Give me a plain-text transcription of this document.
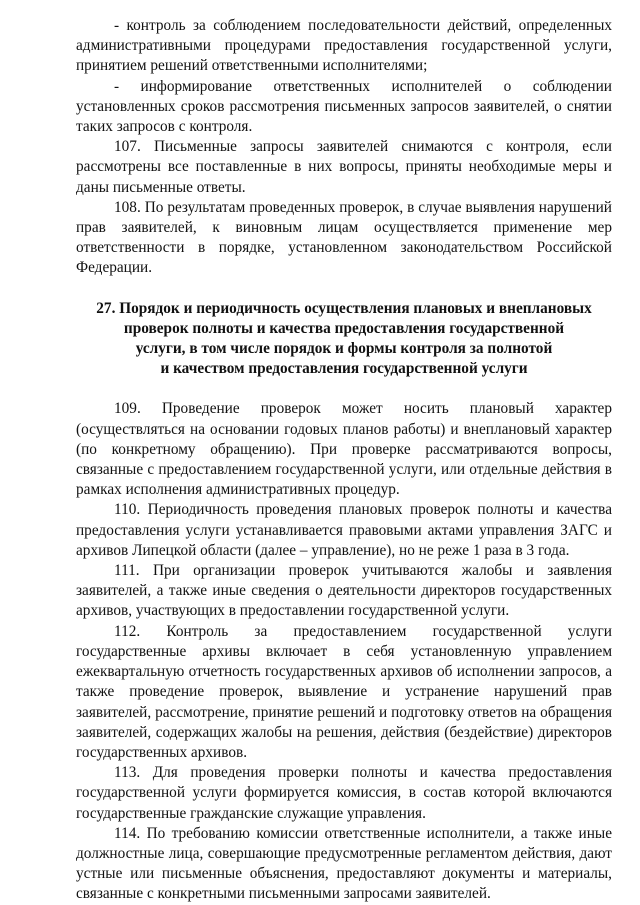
- контроль за соблюдением последовательности действий, определенных административными процедурами предоставления государственной услуги, принятием решений ответственными исполнителями;

- информирование ответственных исполнителей о соблюдении установленных сроков рассмотрения письменных запросов заявителей, о снятии таких запросов с контроля.

107. Письменные запросы заявителей снимаются с контроля, если рассмотрены все поставленные в них вопросы, приняты необходимые меры и даны письменные ответы.

108. По результатам проведенных проверок, в случае выявления нарушений прав заявителей, к виновным лицам осуществляется применение мер ответственности в порядке, установленном законодательством Российской Федерации.

27. Порядок и периодичность осуществления плановых и внеплановых
проверок полноты и качества предоставления государственной
услуги, в том числе порядок и формы контроля за полнотой
и качеством предоставления государственной услуги

109. Проведение проверок может носить плановый характер (осуществляться на основании годовых планов работы) и внеплановый характер (по конкретному обращению). При проверке рассматриваются вопросы, связанные с предоставлением государственной услуги, или отдельные действия в рамках исполнения административных процедур.

110. Периодичность проведения плановых проверок полноты и качества предоставления услуги устанавливается правовыми актами управления ЗАГС и архивов Липецкой области (далее – управление), но не реже 1 раза в 3 года.

111. При организации проверок учитываются жалобы и заявления заявителей, а также иные сведения о деятельности директоров государственных архивов, участвующих в предоставлении государственной услуги.

112. Контроль за предоставлением государственной услуги государственные архивы включает в себя установленную управлением ежеквартальную отчетность государственных архивов об исполнении запросов, а также проведение проверок, выявление и устранение нарушений прав заявителей, рассмотрение, принятие решений и подготовку ответов на обращения заявителей, содержащих жалобы на решения, действия (бездействие) директоров государственных архивов.

113. Для проведения проверки полноты и качества предоставления государственной услуги формируется комиссия, в состав которой включаются государственные гражданские служащие управления.

114. По требованию комиссии ответственные исполнители, а также иные должностные лица, совершающие предусмотренные регламентом действия, дают устные или письменные объяснения, предоставляют документы и материалы, связанные с конкретными письменными запросами заявителей.
